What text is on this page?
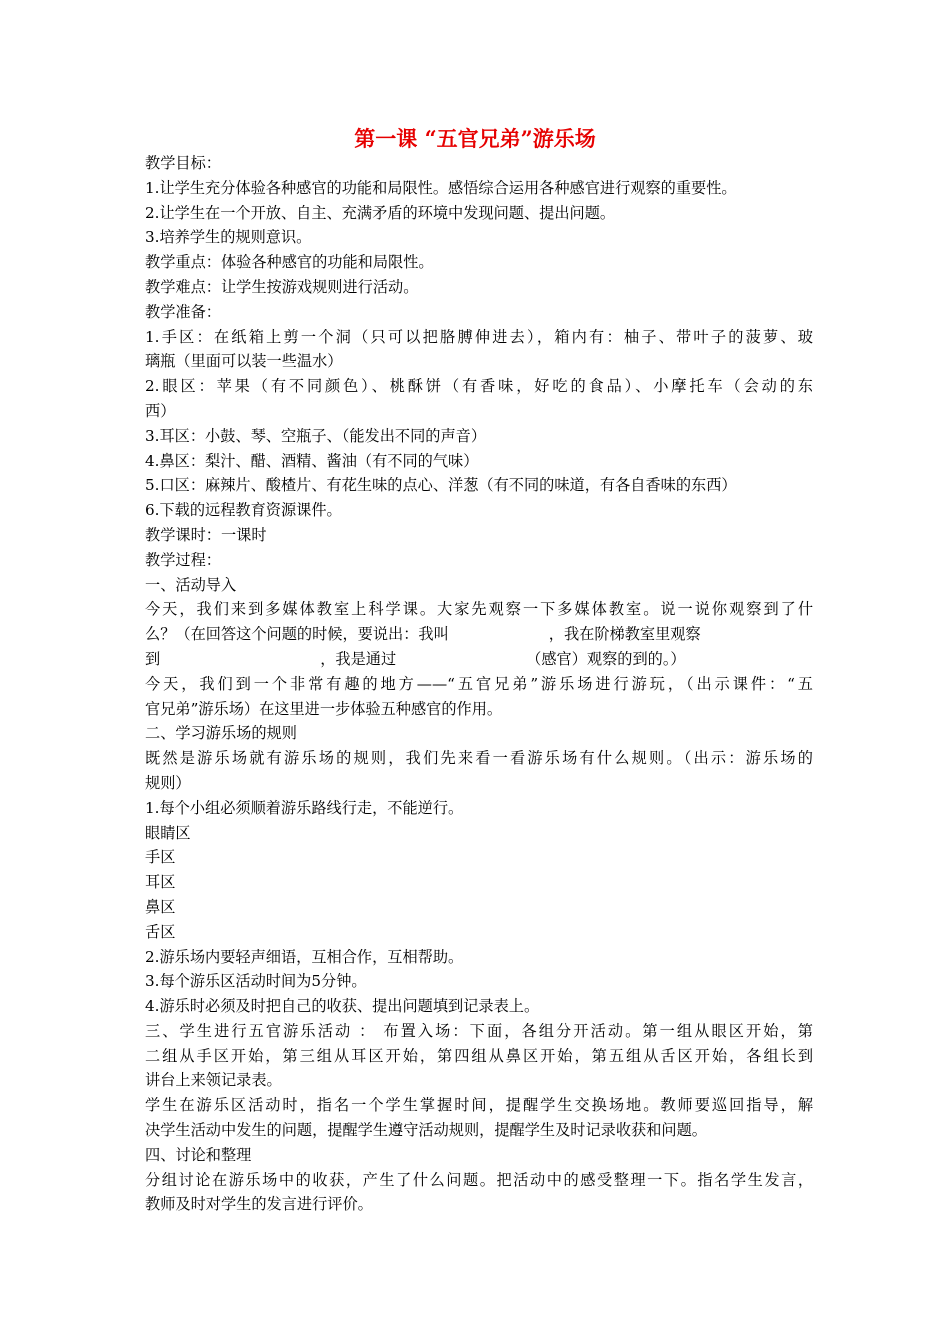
第一课 “五官兄弟”游乐场
教学目标：
1.让学生充分体验各种感官的功能和局限性。感悟综合运用各种感官进行观察的重要性。
2.让学生在一个开放、自主、充满矛盾的环境中发现问题、提出问题。
3.培养学生的规则意识。
教学重点：体验各种感官的功能和局限性。
教学难点：让学生按游戏规则进行活动。
教学准备：
1.手区：在纸箱上剪一个洞（只可以把胳膊伸进去），箱内有：柚子、带叶子的菠萝、玻
璃瓶（里面可以装一些温水）
2.眼区：苹果（有不同颜色）、桃酥饼（有香味，好吃的食品）、小摩托车（会动的东
西）
3.耳区：小鼓、琴、空瓶子、（能发出不同的声音）
4.鼻区：梨汁、醋、酒精、酱油（有不同的气味）
5.口区：麻辣片、酸楂片、有花生味的点心、洋葱（有不同的味道，有各自香味的东西）
6.下载的远程教育资源课件。
教学课时：一课时
教学过程：
一、活动导入
今天，我们来到多媒体教室上科学课。大家先观察一下多媒体教室。说一说你观察到了什
么？（在回答这个问题的时候，要说出：我叫	，我在阶梯教室里观察
到	，我是通过	（感官）观察的到的。）
今天，我们到一个非常有趣的地方——“五官兄弟”游乐场进行游玩，（出示课件：“五
官兄弟”游乐场）在这里进一步体验五种感官的作用。
二、学习游乐场的规则
既然是游乐场就有游乐场的规则，我们先来看一看游乐场有什么规则。（出示：游乐场的
规则）
1.每个小组必须顺着游乐路线行走，不能逆行。
眼睛区
手区
耳区
鼻区
舌区
2.游乐场内要轻声细语，互相合作，互相帮助。
3.每个游乐区活动时间为5分钟。
4.游乐时必须及时把自己的收获、提出问题填到记录表上。
三、学生进行五官游乐活动 ： 布置入场：下面，各组分开活动。第一组从眼区开始，第
二组从手区开始，第三组从耳区开始，第四组从鼻区开始，第五组从舌区开始，各组长到
讲台上来领记录表。
学生在游乐区活动时，指名一个学生掌握时间，提醒学生交换场地。教师要巡回指导，解
决学生活动中发生的问题，提醒学生遵守活动规则，提醒学生及时记录收获和问题。
四、讨论和整理
分组讨论在游乐场中的收获，产生了什么问题。把活动中的感受整理一下。指名学生发言，
教师及时对学生的发言进行评价。
